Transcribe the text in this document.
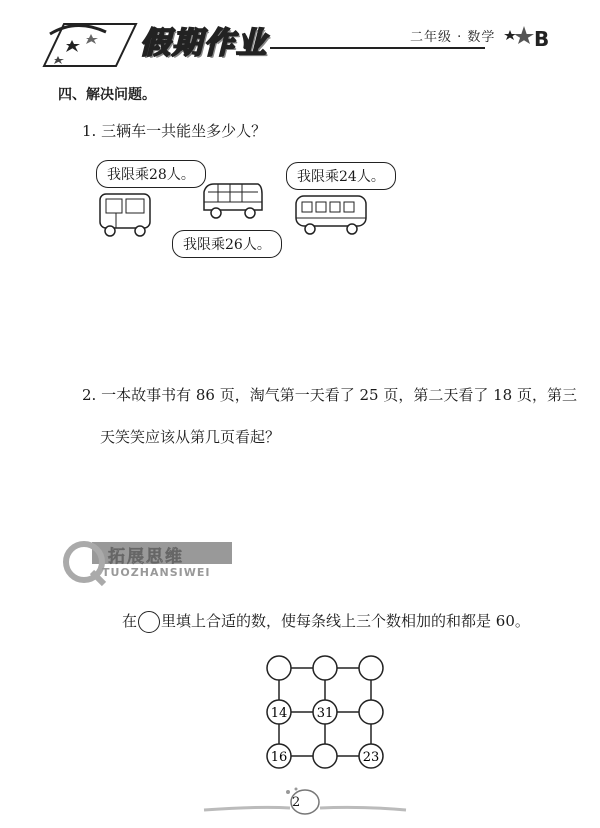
假期作业	二年级 · 数学 B
四、解决问题。
1. 三辆车一共能坐多少人？
我限乘28人。
我限乘26人。
我限乘24人。
2. 一本故事书有 86 页，淘气第一天看了 25 页，第二天看了 18 页，第三
天笑笑应该从第几页看起？
拓展思维
TUOZHANSIWEI
在 里填上合适的数，使每条线上三个数相加的和都是 60。
14 31
16	23
2
